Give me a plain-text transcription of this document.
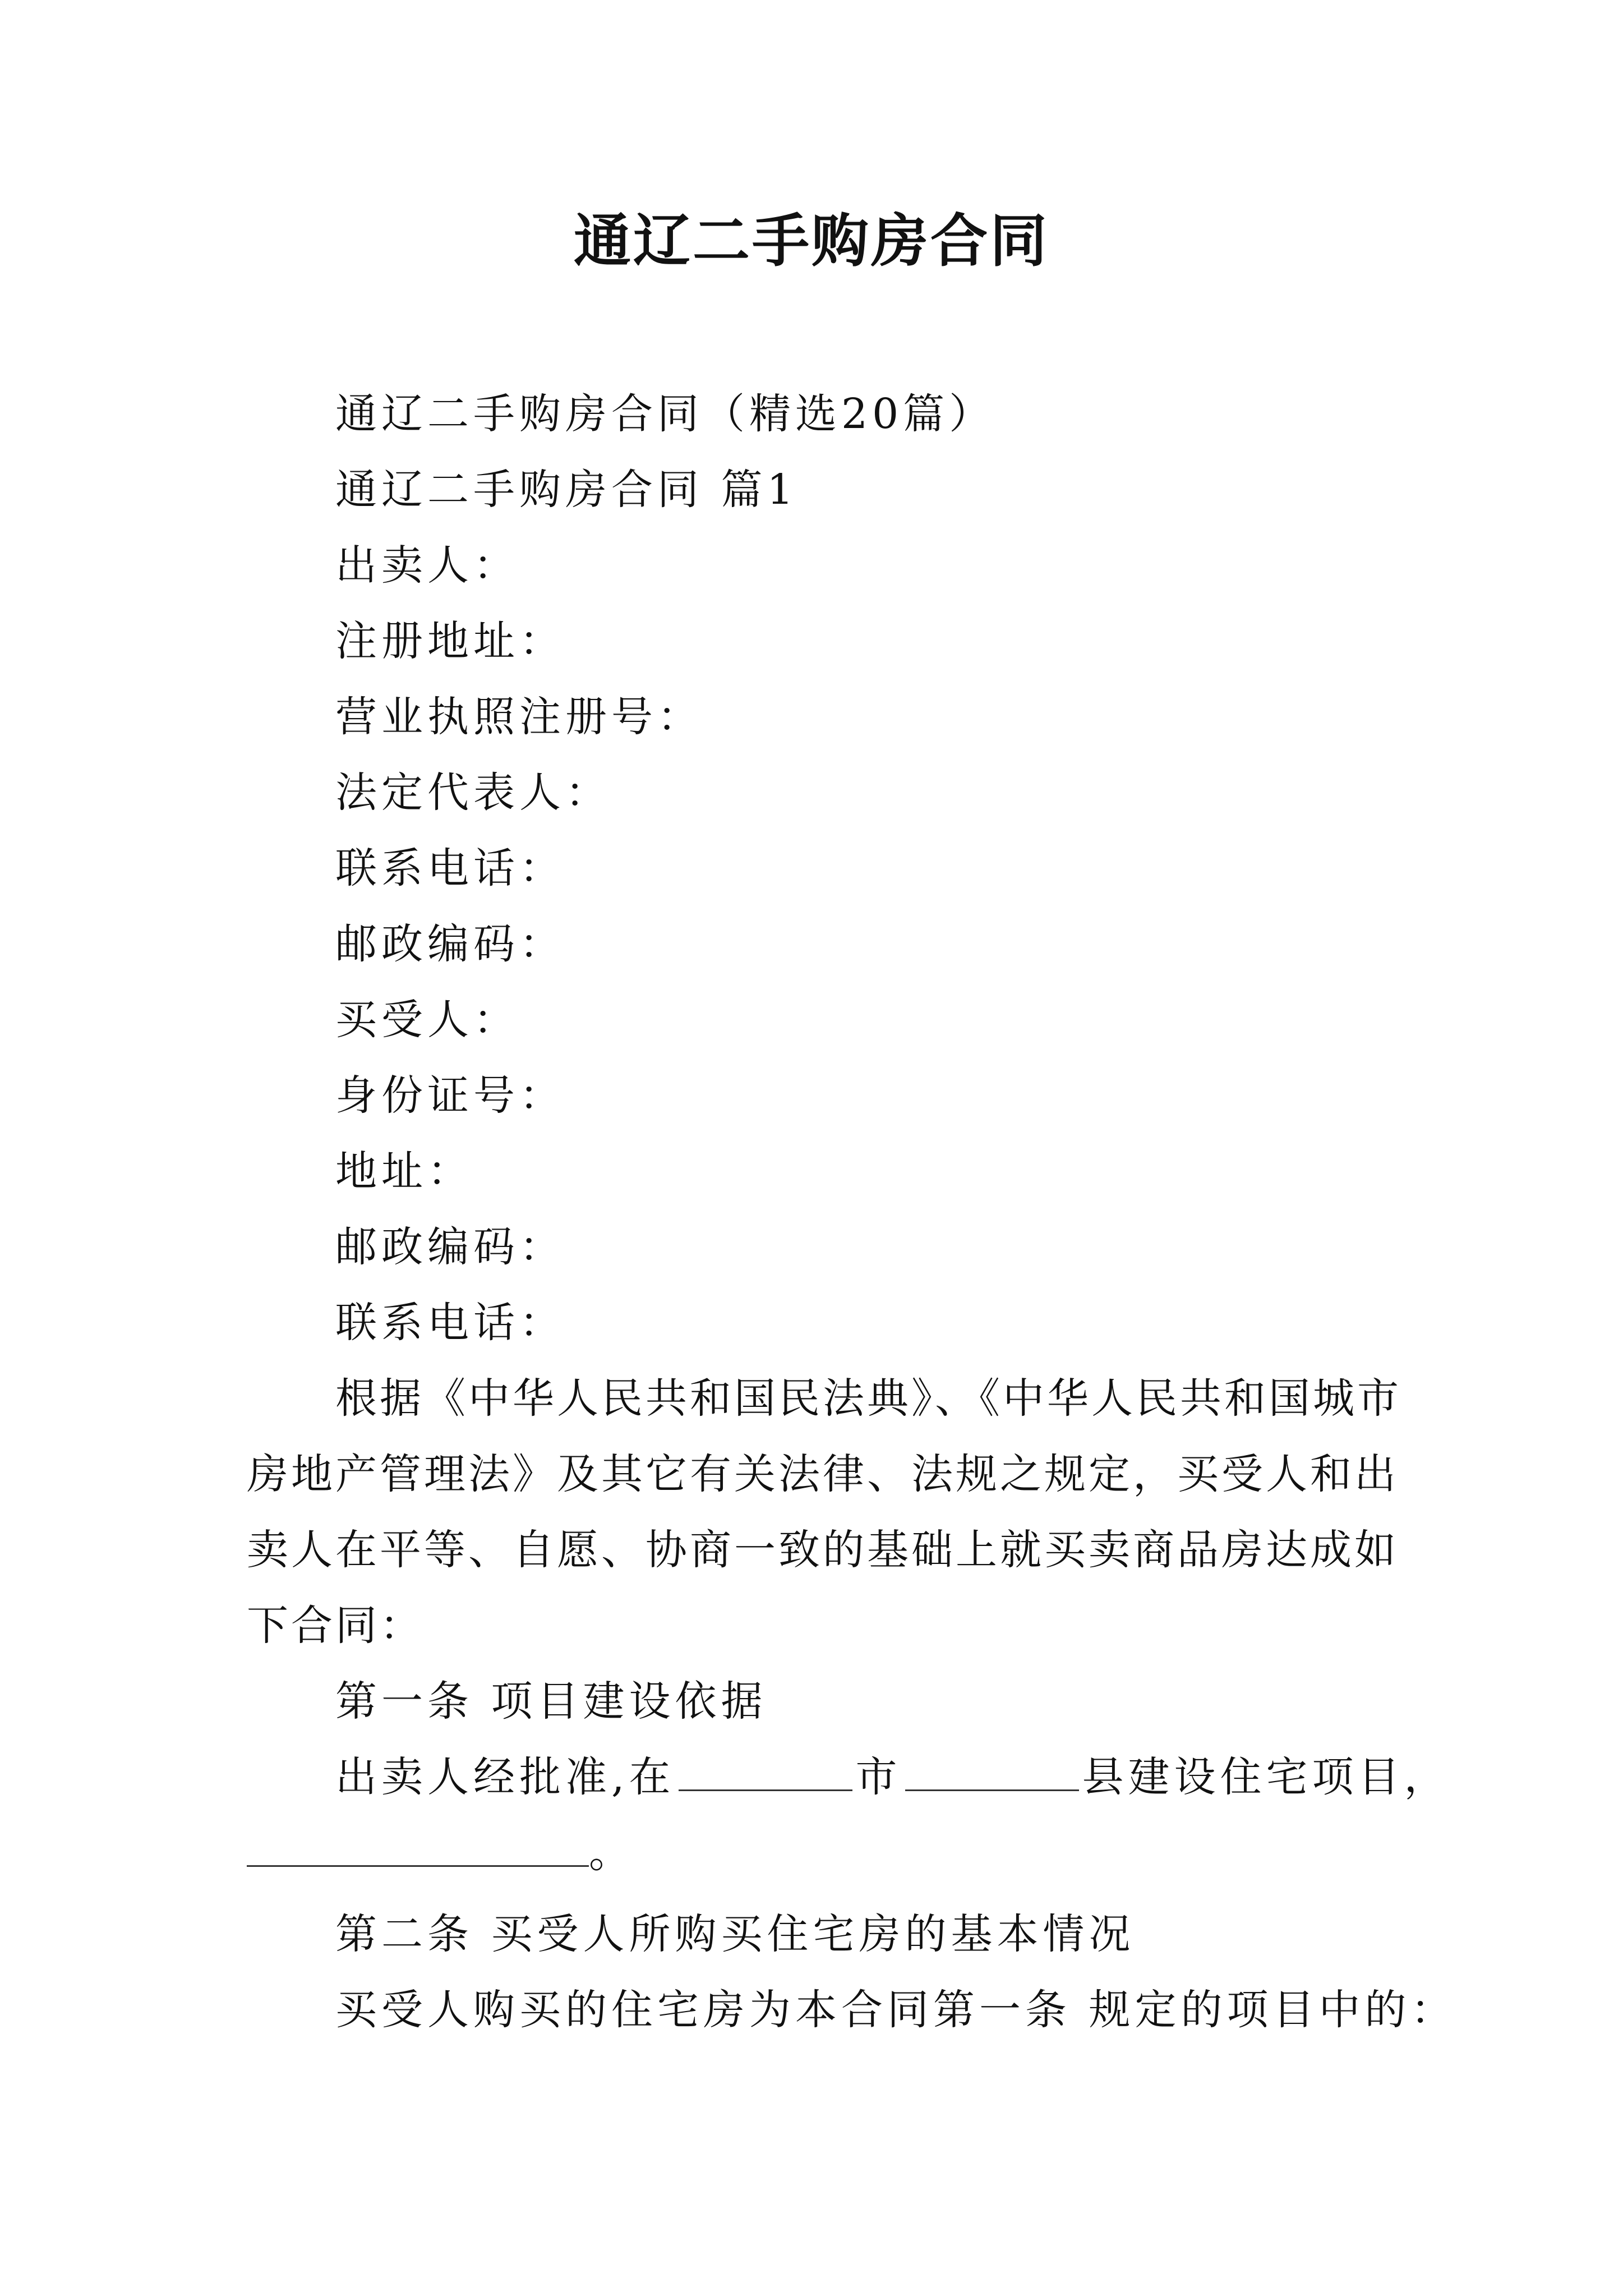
通辽二手购房合同
通辽二手购房合同（精选20篇）
通辽二手购房合同 篇1
出卖人：
注册地址：
营业执照注册号：
法定代表人：
联系电话：
邮政编码：
买受人：
身份证号：
地址：
邮政编码：
联系电话：
根据《中华人民共和国民法典》、《中华人民共和国城市
房地产管理法》及其它有关法律、法规之规定，买受人和出
卖人在平等、自愿、协商一致的基础上就买卖商品房达成如
下合同：
第一条 项目建设依据
出卖人经批准,在	市	县建设住宅项目，
。
第二条 买受人所购买住宅房的基本情况
买受人购买的住宅房为本合同第一条 规定的项目中的：
